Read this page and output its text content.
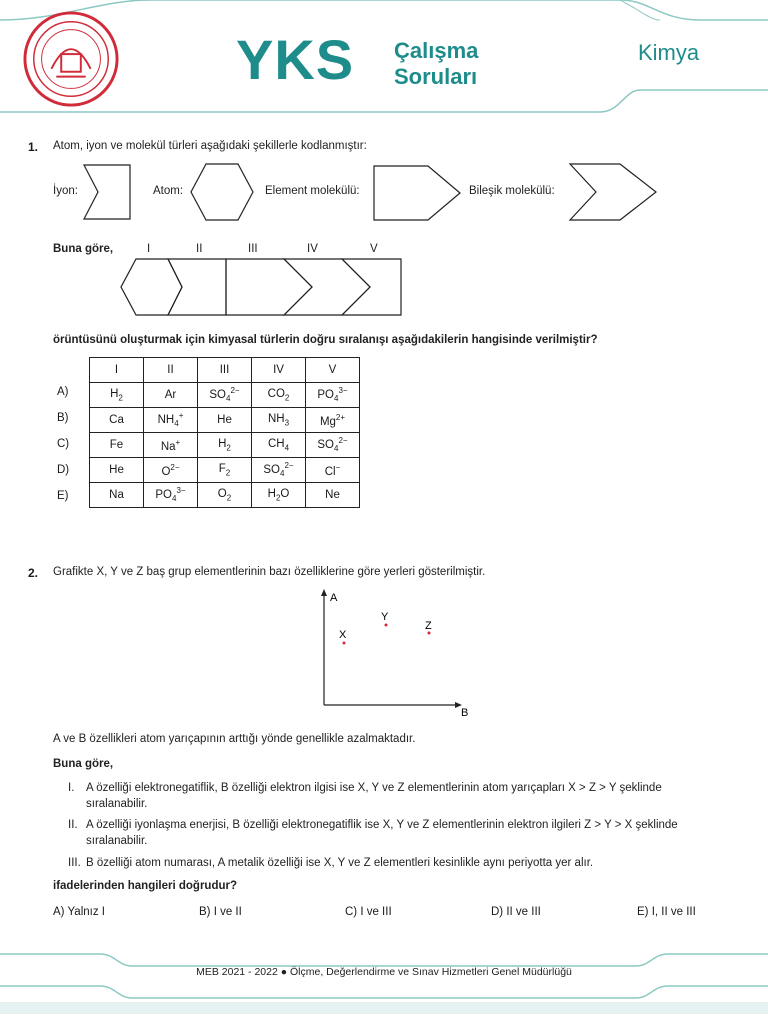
YKS Çalışma
Soruları
Kimya
1. Atom, iyon ve molekül türleri aşağıdaki şekillerle kodlanmıştır:
İyon:	Atom:	Element molekülü:	Bileşik molekülü:
Buna göre,	I	II	III	IV	V
örüntüsünü oluşturmak için kimyasal türlerin doğru sıralanışı aşağıdakilerin hangisinde verilmiştir?
I	II	III	IV	V
$H_2$	Ar	$SO_4^{2-}$	$CO_2$	$PO_4^{3-}$
Ca	$NH_4^+$	He	$NH_3$	$Mg^{2+}$
Fe	Na+	$H_2$	$CH_4$	$SO_4^{2-}$
He	$O^{2-}$	$F_2$	$SO_4^{2-}$	Cl−
Na	$PO_4^{3-}$	$O_2$	$H_2O$	Ne
A)
B)
C)
D)
E)
2. Grafikte X, Y ve Z baş grup elementlerinin bazı özelliklerine göre yerleri gösterilmiştir.
A
B
X
Y
Z
A ve B özellikleri atom yarıçapının arttığı yönde genellikle azalmaktadır.
Buna göre,
I. A özelliği elektronegatiflik, B özelliği elektron ilgisi ise X, Y ve Z elementlerinin atom yarıçapları X > Z > Y şeklinde
sıralanabilir.
II. A özelliği iyonlaşma enerjisi, B özelliği elektronegatiflik ise X, Y ve Z elementlerinin elektron ilgileri Z > Y > X şeklinde
sıralanabilir.
III. B özelliği atom numarası, A metalik özelliği ise X, Y ve Z elementleri kesinlikle aynı periyotta yer alır.
ifadelerinden hangileri doğrudur?
A) Yalnız I	B) I ve II	C) I ve III	D) II ve III	E) I, II ve III
MEB 2021 - 2022 ● Ölçme, Değerlendirme ve Sınav Hizmetleri Genel Müdürlüğü
